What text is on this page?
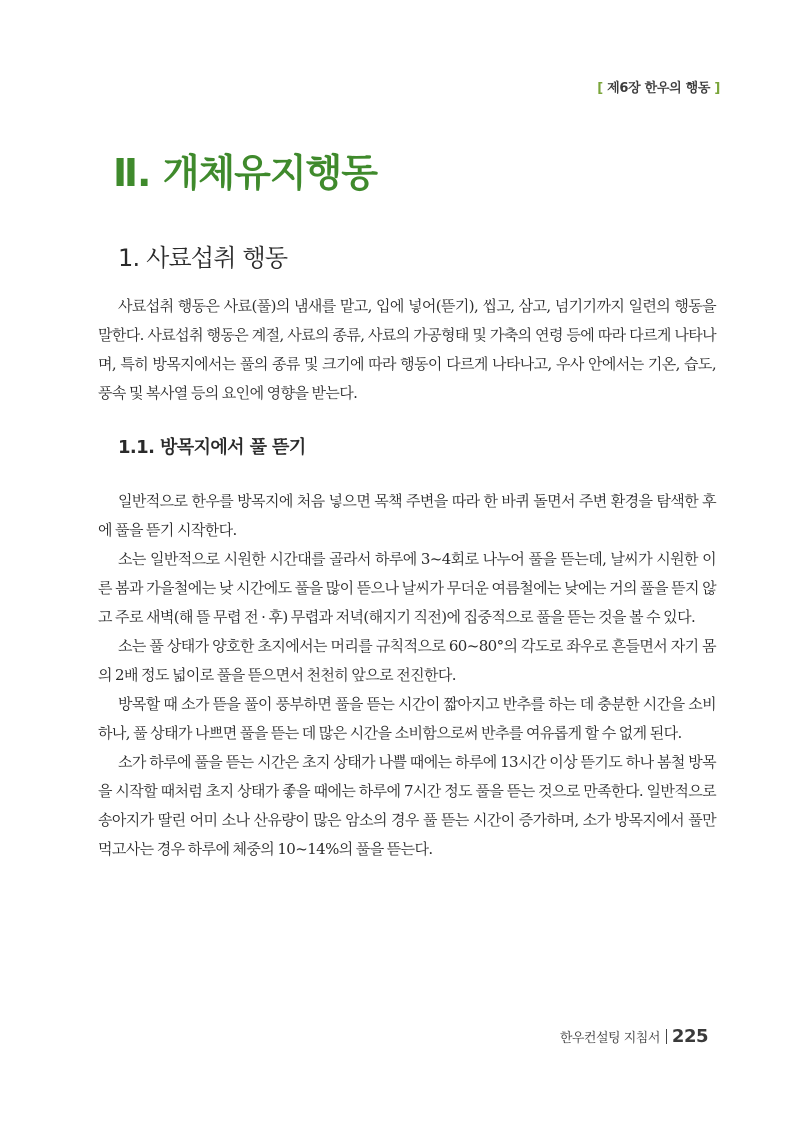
[ 제6장 한우의 행동 ]
Ⅱ. 개체유지행동
1. 사료섭취 행동

사료섭취 행동은 사료(풀)의 냄새를 맡고, 입에 넣어(뜯기), 씹고, 삼고, 넘기기까지 일련의 행동을 말한다. 사료섭취 행동은 계절, 사료의 종류, 사료의 가공형태 및 가축의 연령 등에 따라 다르게 나타나며, 특히 방목지에서는 풀의 종류 및 크기에 따라 행동이 다르게 나타나고, 우사 안에서는 기온, 습도, 풍속 및 복사열 등의 요인에 영향을 받는다.

1.1. 방목지에서 풀 뜯기

일반적으로 한우를 방목지에 처음 넣으면 목책 주변을 따라 한 바퀴 돌면서 주변 환경을 탐색한 후에 풀을 뜯기 시작한다.

소는 일반적으로 시원한 시간대를 골라서 하루에 3~4회로 나누어 풀을 뜯는데, 날씨가 시원한 이른 봄과 가을철에는 낮 시간에도 풀을 많이 뜯으나 날씨가 무더운 여름철에는 낮에는 거의 풀을 뜯지 않고 주로 새벽(해 뜰 무렵 전 · 후) 무렵과 저녁(해지기 직전)에 집중적으로 풀을 뜯는 것을 볼 수 있다.

소는 풀 상태가 양호한 초지에서는 머리를 규칙적으로 60~80°의 각도로 좌우로 흔들면서 자기 몸의 2배 정도 넓이로 풀을 뜯으면서 천천히 앞으로 전진한다.

방목할 때 소가 뜯을 풀이 풍부하면 풀을 뜯는 시간이 짧아지고 반추를 하는 데 충분한 시간을 소비하나, 풀 상태가 나쁘면 풀을 뜯는 데 많은 시간을 소비함으로써 반추를 여유롭게 할 수 없게 된다.

소가 하루에 풀을 뜯는 시간은 초지 상태가 나쁠 때에는 하루에 13시간 이상 뜯기도 하나 봄철 방목을 시작할 때처럼 초지 상태가 좋을 때에는 하루에 7시간 정도 풀을 뜯는 것으로 만족한다. 일반적으로 송아지가 딸린 어미 소나 산유량이 많은 암소의 경우 풀 뜯는 시간이 증가하며, 소가 방목지에서 풀만 먹고사는 경우 하루에 체중의 10~14%의 풀을 뜯는다.

한우컨설팅 지침서 225
